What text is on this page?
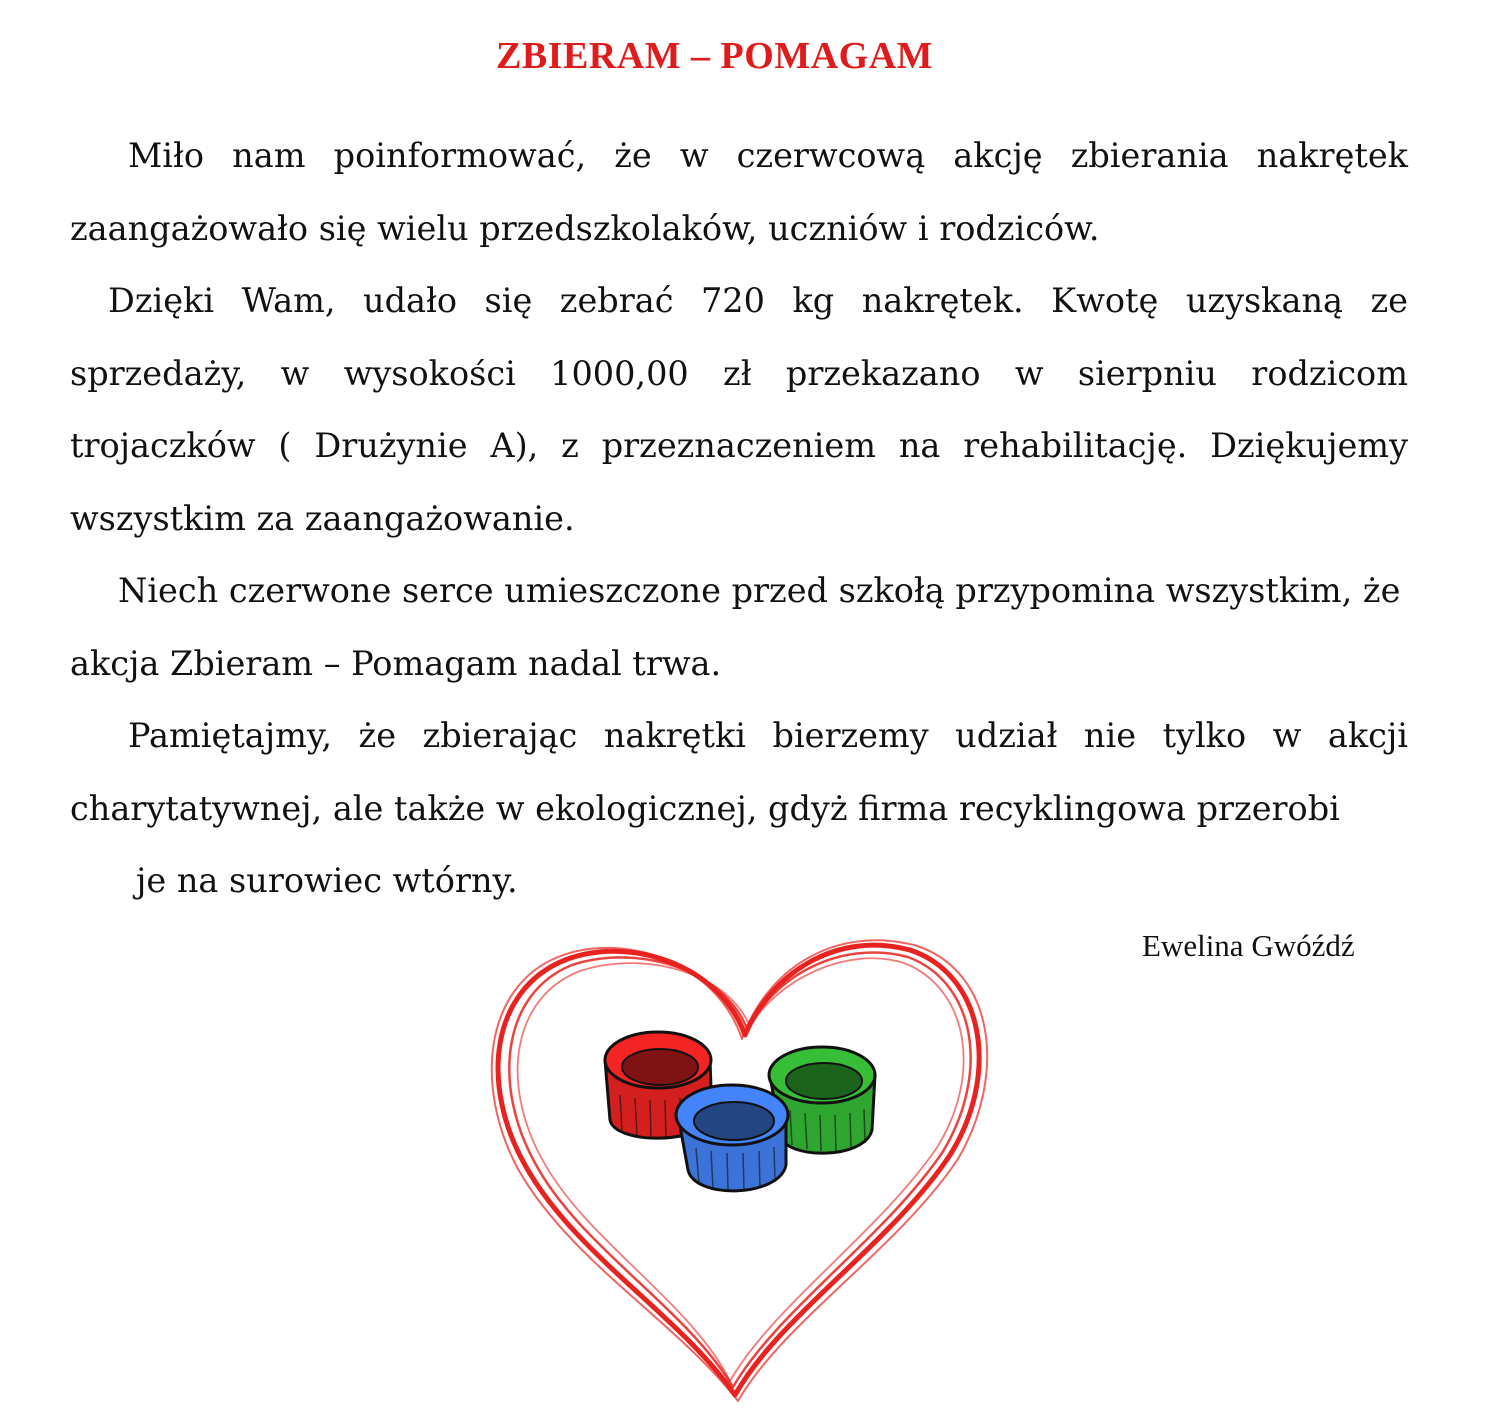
ZBIERAM – POMAGAM

Miło nam poinformować, że w czerwcową akcję zbierania nakrętek zaangażowało się wielu przedszkolaków, uczniów i rodziców.

Dzięki Wam, udało się zebrać 720 kg nakrętek. Kwotę uzyskaną ze sprzedaży, w wysokości 1000,00 zł przekazano w sierpniu rodzicom trojaczków ( Drużynie A), z przeznaczeniem na rehabilitację. Dziękujemy wszystkim za zaangażowanie.

Niech czerwone serce umieszczone przed szkołą przypomina wszystkim, że akcja Zbieram – Pomagam nadal trwa.

Pamiętajmy, że zbierając nakrętki bierzemy udział nie tylko w akcji charytatywnej, ale także w ekologicznej, gdyż firma recyklingowa przerobi
je na surowiec wtórny.

Ewelina Gwóźdź
